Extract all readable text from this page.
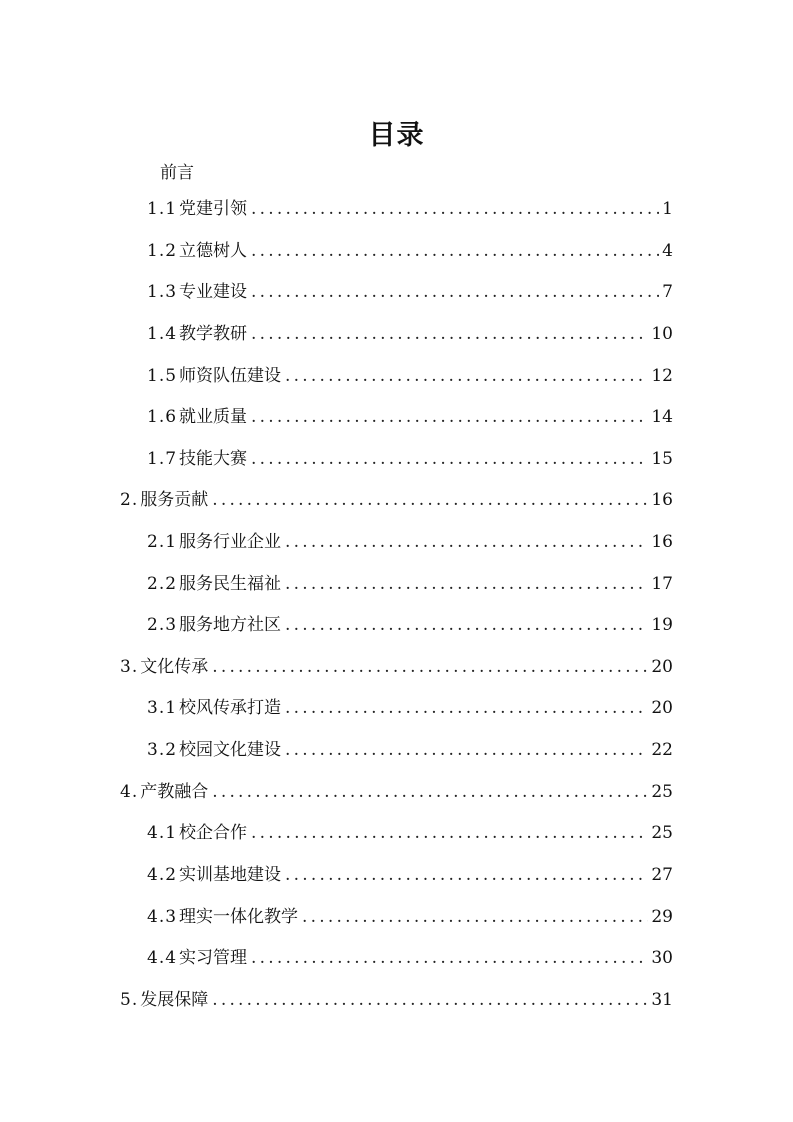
目录
前言
1.1 党建引领 .....	1
1.2 立德树人 .....	4
1.3 专业建设 .....	7
1.4 教学教研 .....	10
1.5 师资队伍建设 .....	12
1.6 就业质量 .....	14
1.7 技能大赛 .....	15
2. 服务贡献 .....	16
2.1 服务行业企业 .....	16
2.2 服务民生福祉 .....	17
2.3 服务地方社区 .....	19
3. 文化传承 .....	20
3.1 校风传承打造 .....	20
3.2 校园文化建设 .....	22
4. 产教融合 .....	25
4.1 校企合作 .....	25
4.2 实训基地建设 .....	27
4.3 理实一体化教学 .....	29
4.4 实习管理 .....	30
5. 发展保障 .....	31
